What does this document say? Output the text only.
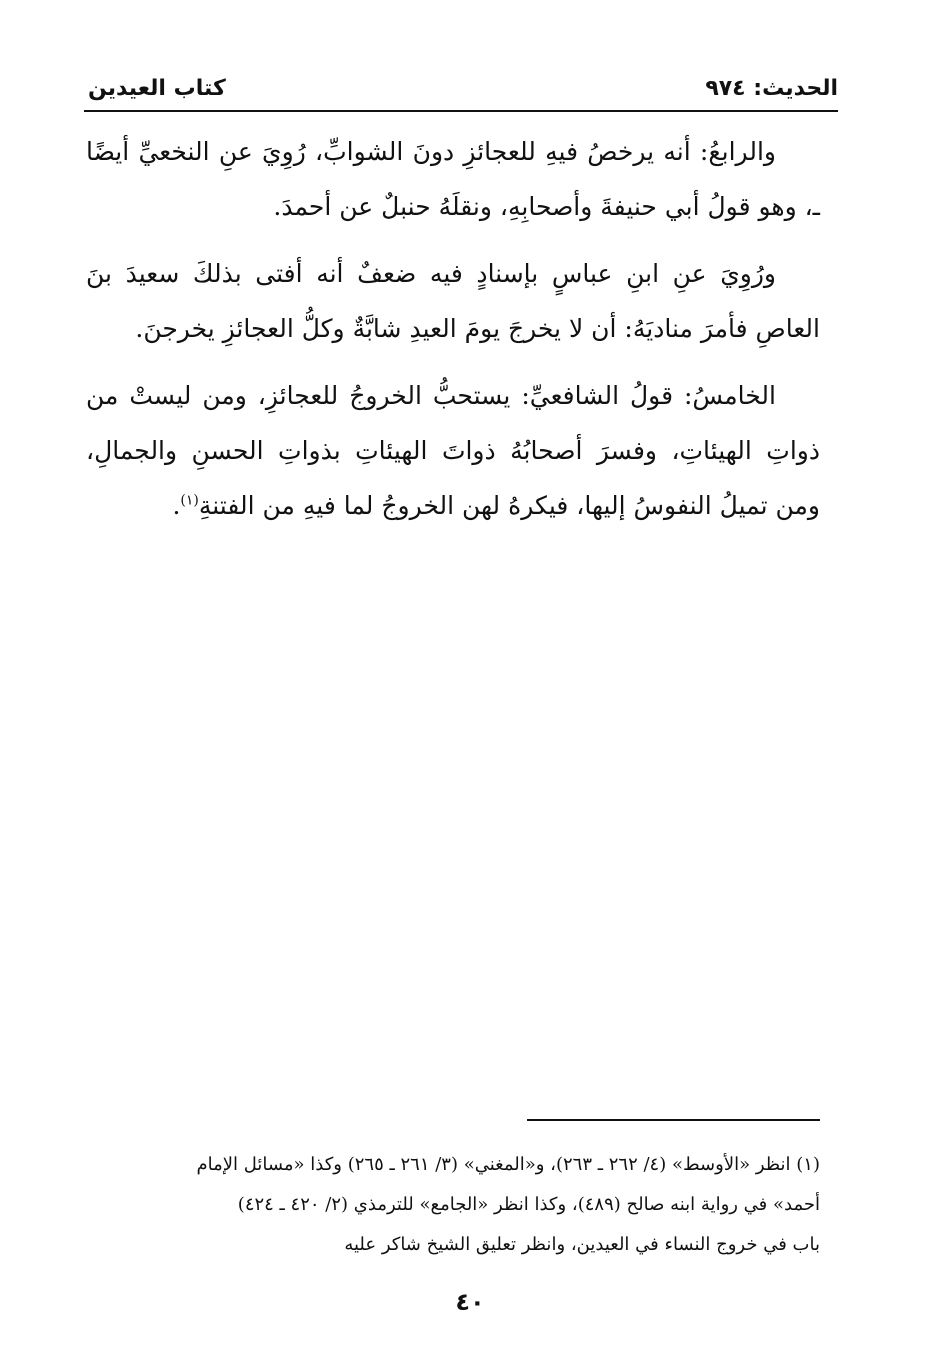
الحديث: ٩٧٤
كتاب العيدين

والرابعُ: أنه يرخصُ فيهِ للعجائزِ دونَ الشوابِّ، رُوِيَ عنِ النخعيِّ أيضًا ـ، وهو قولُ أبي حنيفةَ وأصحابِهِ، ونقلَهُ حنبلٌ عن أحمدَ.

ورُوِيَ عنِ ابنِ عباسٍ بإسنادٍ فيه ضعفٌ أنه أفتى بذلكَ سعيدَ بنَ العاصِ فأمرَ مناديَهُ: أن لا يخرجَ يومَ العيدِ شابَّةٌ وكلُّ العجائزِ يخرجنَ.

الخامسُ: قولُ الشافعيِّ: يستحبُّ الخروجُ للعجائزِ، ومن ليستْ من ذواتِ الهيئاتِ، وفسرَ أصحابُهُ ذواتَ الهيئاتِ بذواتِ الحسنِ والجمالِ، ومن تميلُ النفوسُ إليها، فيكرهُ لهن الخروجُ لما فيهِ من الفتنةِ$^{(١)}$.

(١) انظر «الأوسط» (٤/ ٢٦٢ ـ ٢٦٣)، و«المغني» (٣/ ٢٦١ ـ ٢٦٥) وكذا «مسائل الإمام

أحمد» في رواية ابنه صالح (٤٨٩)، وكذا انظر «الجامع» للترمذي (٢/ ٤٢٠ ـ ٤٢٤)

باب في خروج النساء في العيدين، وانظر تعليق الشيخ شاكر عليه

٤٠
